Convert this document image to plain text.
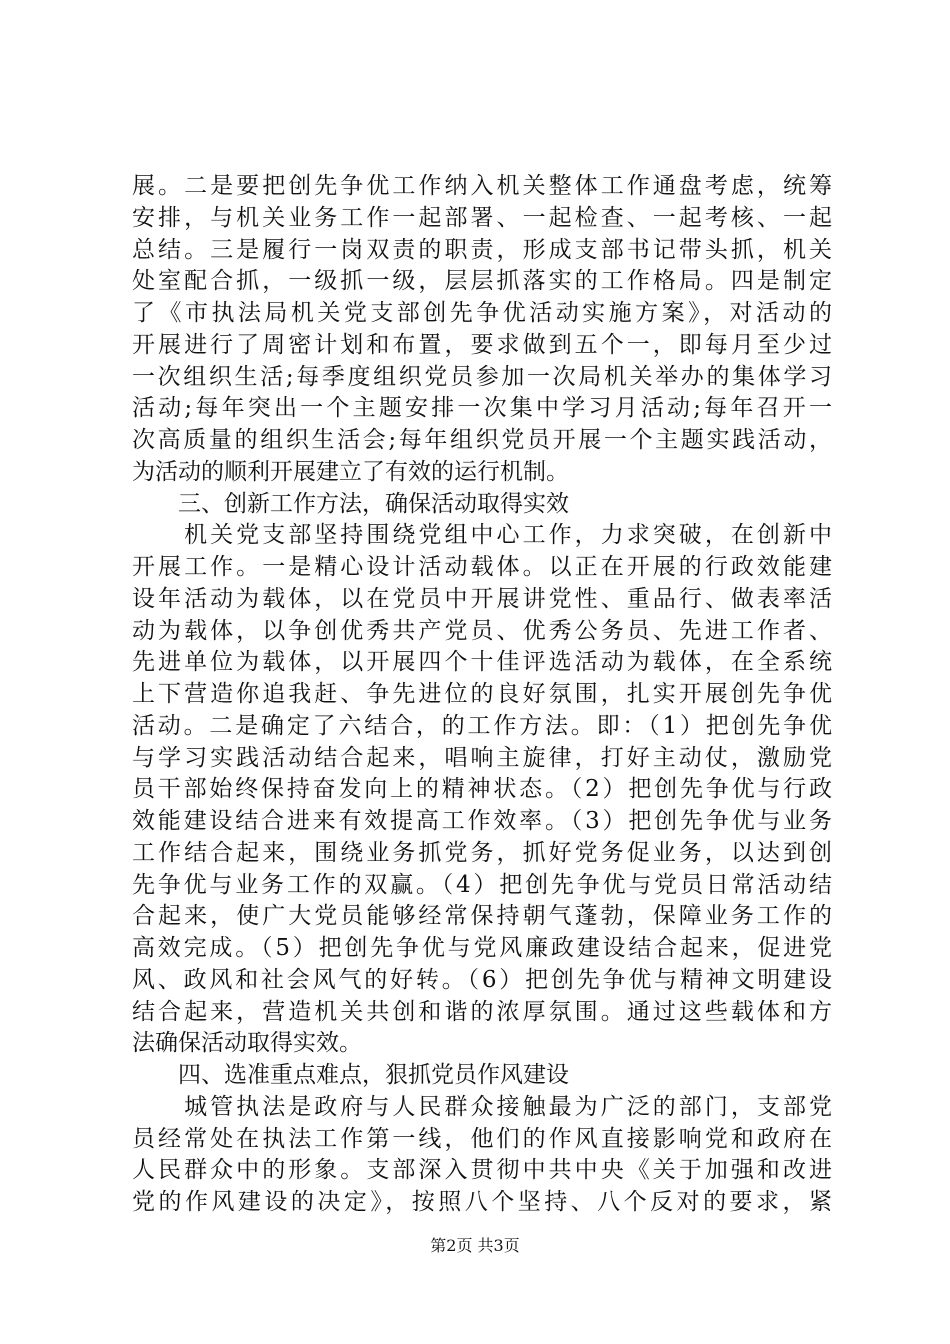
展。二是要把创先争优工作纳入机关整体工作通盘考虑，统筹
安排，与机关业务工作一起部署、一起检查、一起考核、一起
总结。三是履行一岗双责的职责，形成支部书记带头抓，机关
处室配合抓，一级抓一级，层层抓落实的工作格局。四是制定
了《市执法局机关党支部创先争优活动实施方案》，对活动的
开展进行了周密计划和布置，要求做到五个一，即每月至少过
一次组织生活;每季度组织党员参加一次局机关举办的集体学习
活动;每年突出一个主题安排一次集中学习月活动;每年召开一
次高质量的组织生活会;每年组织党员开展一个主题实践活动，
为活动的顺利开展建立了有效的运行机制。
　　三、创新工作方法，确保活动取得实效
　　机关党支部坚持围绕党组中心工作，力求突破，在创新中
开展工作。一是精心设计活动载体。以正在开展的行政效能建
设年活动为载体，以在党员中开展讲党性、重品行、做表率活
动为载体，以争创优秀共产党员、优秀公务员、先进工作者、
先进单位为载体，以开展四个十佳评选活动为载体，在全系统
上下营造你追我赶、争先进位的良好氛围，扎实开展创先争优
活动。二是确定了六结合，的工作方法。即：（1）把创先争优
与学习实践活动结合起来，唱响主旋律，打好主动仗，激励党
员干部始终保持奋发向上的精神状态。（2）把创先争优与行政
效能建设结合进来有效提高工作效率。（3）把创先争优与业务
工作结合起来，围绕业务抓党务，抓好党务促业务，以达到创
先争优与业务工作的双赢。（4）把创先争优与党员日常活动结
合起来，使广大党员能够经常保持朝气蓬勃，保障业务工作的
高效完成。（5）把创先争优与党风廉政建设结合起来，促进党
风、政风和社会风气的好转。（6）把创先争优与精神文明建设
结合起来，营造机关共创和谐的浓厚氛围。通过这些载体和方
法确保活动取得实效。
　　四、选准重点难点，狠抓党员作风建设
　　城管执法是政府与人民群众接触最为广泛的部门，支部党
员经常处在执法工作第一线，他们的作风直接影响党和政府在
人民群众中的形象。支部深入贯彻中共中央《关于加强和改进
党的作风建设的决定》，按照八个坚持、八个反对的要求，紧
第2页 共3页
